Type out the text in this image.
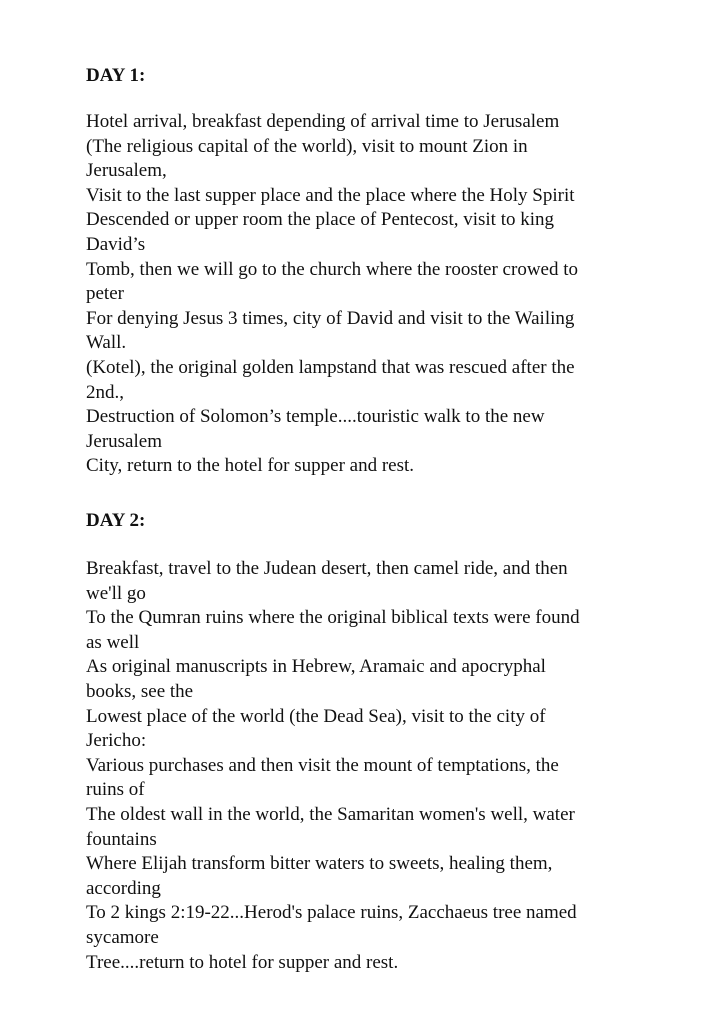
DAY 1:
Hotel arrival, breakfast depending of arrival time to Jerusalem
(The religious capital of the world), visit to mount Zion in
Jerusalem,
Visit to the last supper place and the place where the Holy Spirit
Descended or upper room the place of Pentecost, visit to king
David’s
Tomb, then we will go to the church where the rooster crowed to
peter
For denying Jesus 3 times, city of David and visit to the Wailing
Wall.
(Kotel), the original golden lampstand that was rescued after the
2nd.,
Destruction of Solomon’s temple....touristic walk to the new
Jerusalem
City, return to the hotel for supper and rest.
DAY 2:
Breakfast, travel to the Judean desert, then camel ride, and then
we'll go
To the Qumran ruins where the original biblical texts were found
as well
As original manuscripts in Hebrew, Aramaic and apocryphal
books, see the
Lowest place of the world (the Dead Sea), visit to the city of
Jericho:
Various purchases and then visit the mount of temptations, the
ruins of
The oldest wall in the world, the Samaritan women's well, water
fountains
Where Elijah transform bitter waters to sweets, healing them,
according
To 2 kings 2:19-22...Herod's palace ruins, Zacchaeus tree named
sycamore
Tree....return to hotel for supper and rest.
